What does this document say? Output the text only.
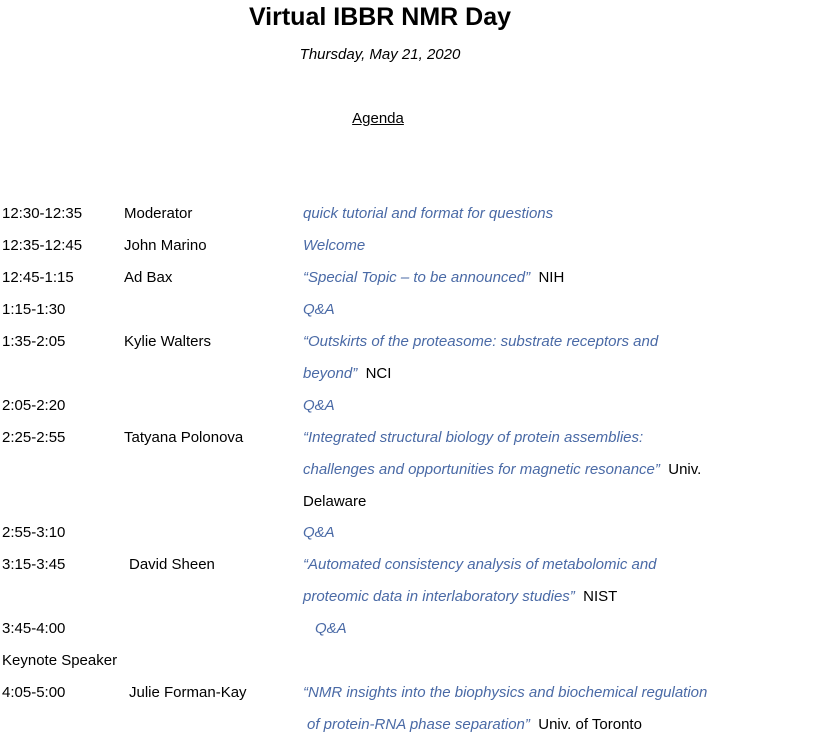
Virtual IBBR NMR Day
Thursday, May 21, 2020
Agenda
12:30-12:35	Moderator	quick tutorial and format for questions
12:35-12:45	John Marino	Welcome
12:45-1:15	Ad Bax	“Special Topic – to be announced” NIH
1:15-1:30	Q&A
1:35-2:05	Kylie Walters	“Outskirts of the proteasome: substrate receptors and
beyond” NCI
2:05-2:20	Q&A
2:25-2:55	Tatyana Polonova	“Integrated structural biology of protein assemblies:
challenges and opportunities for magnetic resonance” Univ.
Delaware
2:55-3:10	Q&A
3:15-3:45	David Sheen	“Automated consistency analysis of metabolomic and
proteomic data in interlaboratory studies” NIST
3:45-4:00	Q&A
Keynote Speaker
4:05-5:00	Julie Forman-Kay	“NMR insights into the biophysics and biochemical regulation
of protein-RNA phase separation” Univ. of Toronto
